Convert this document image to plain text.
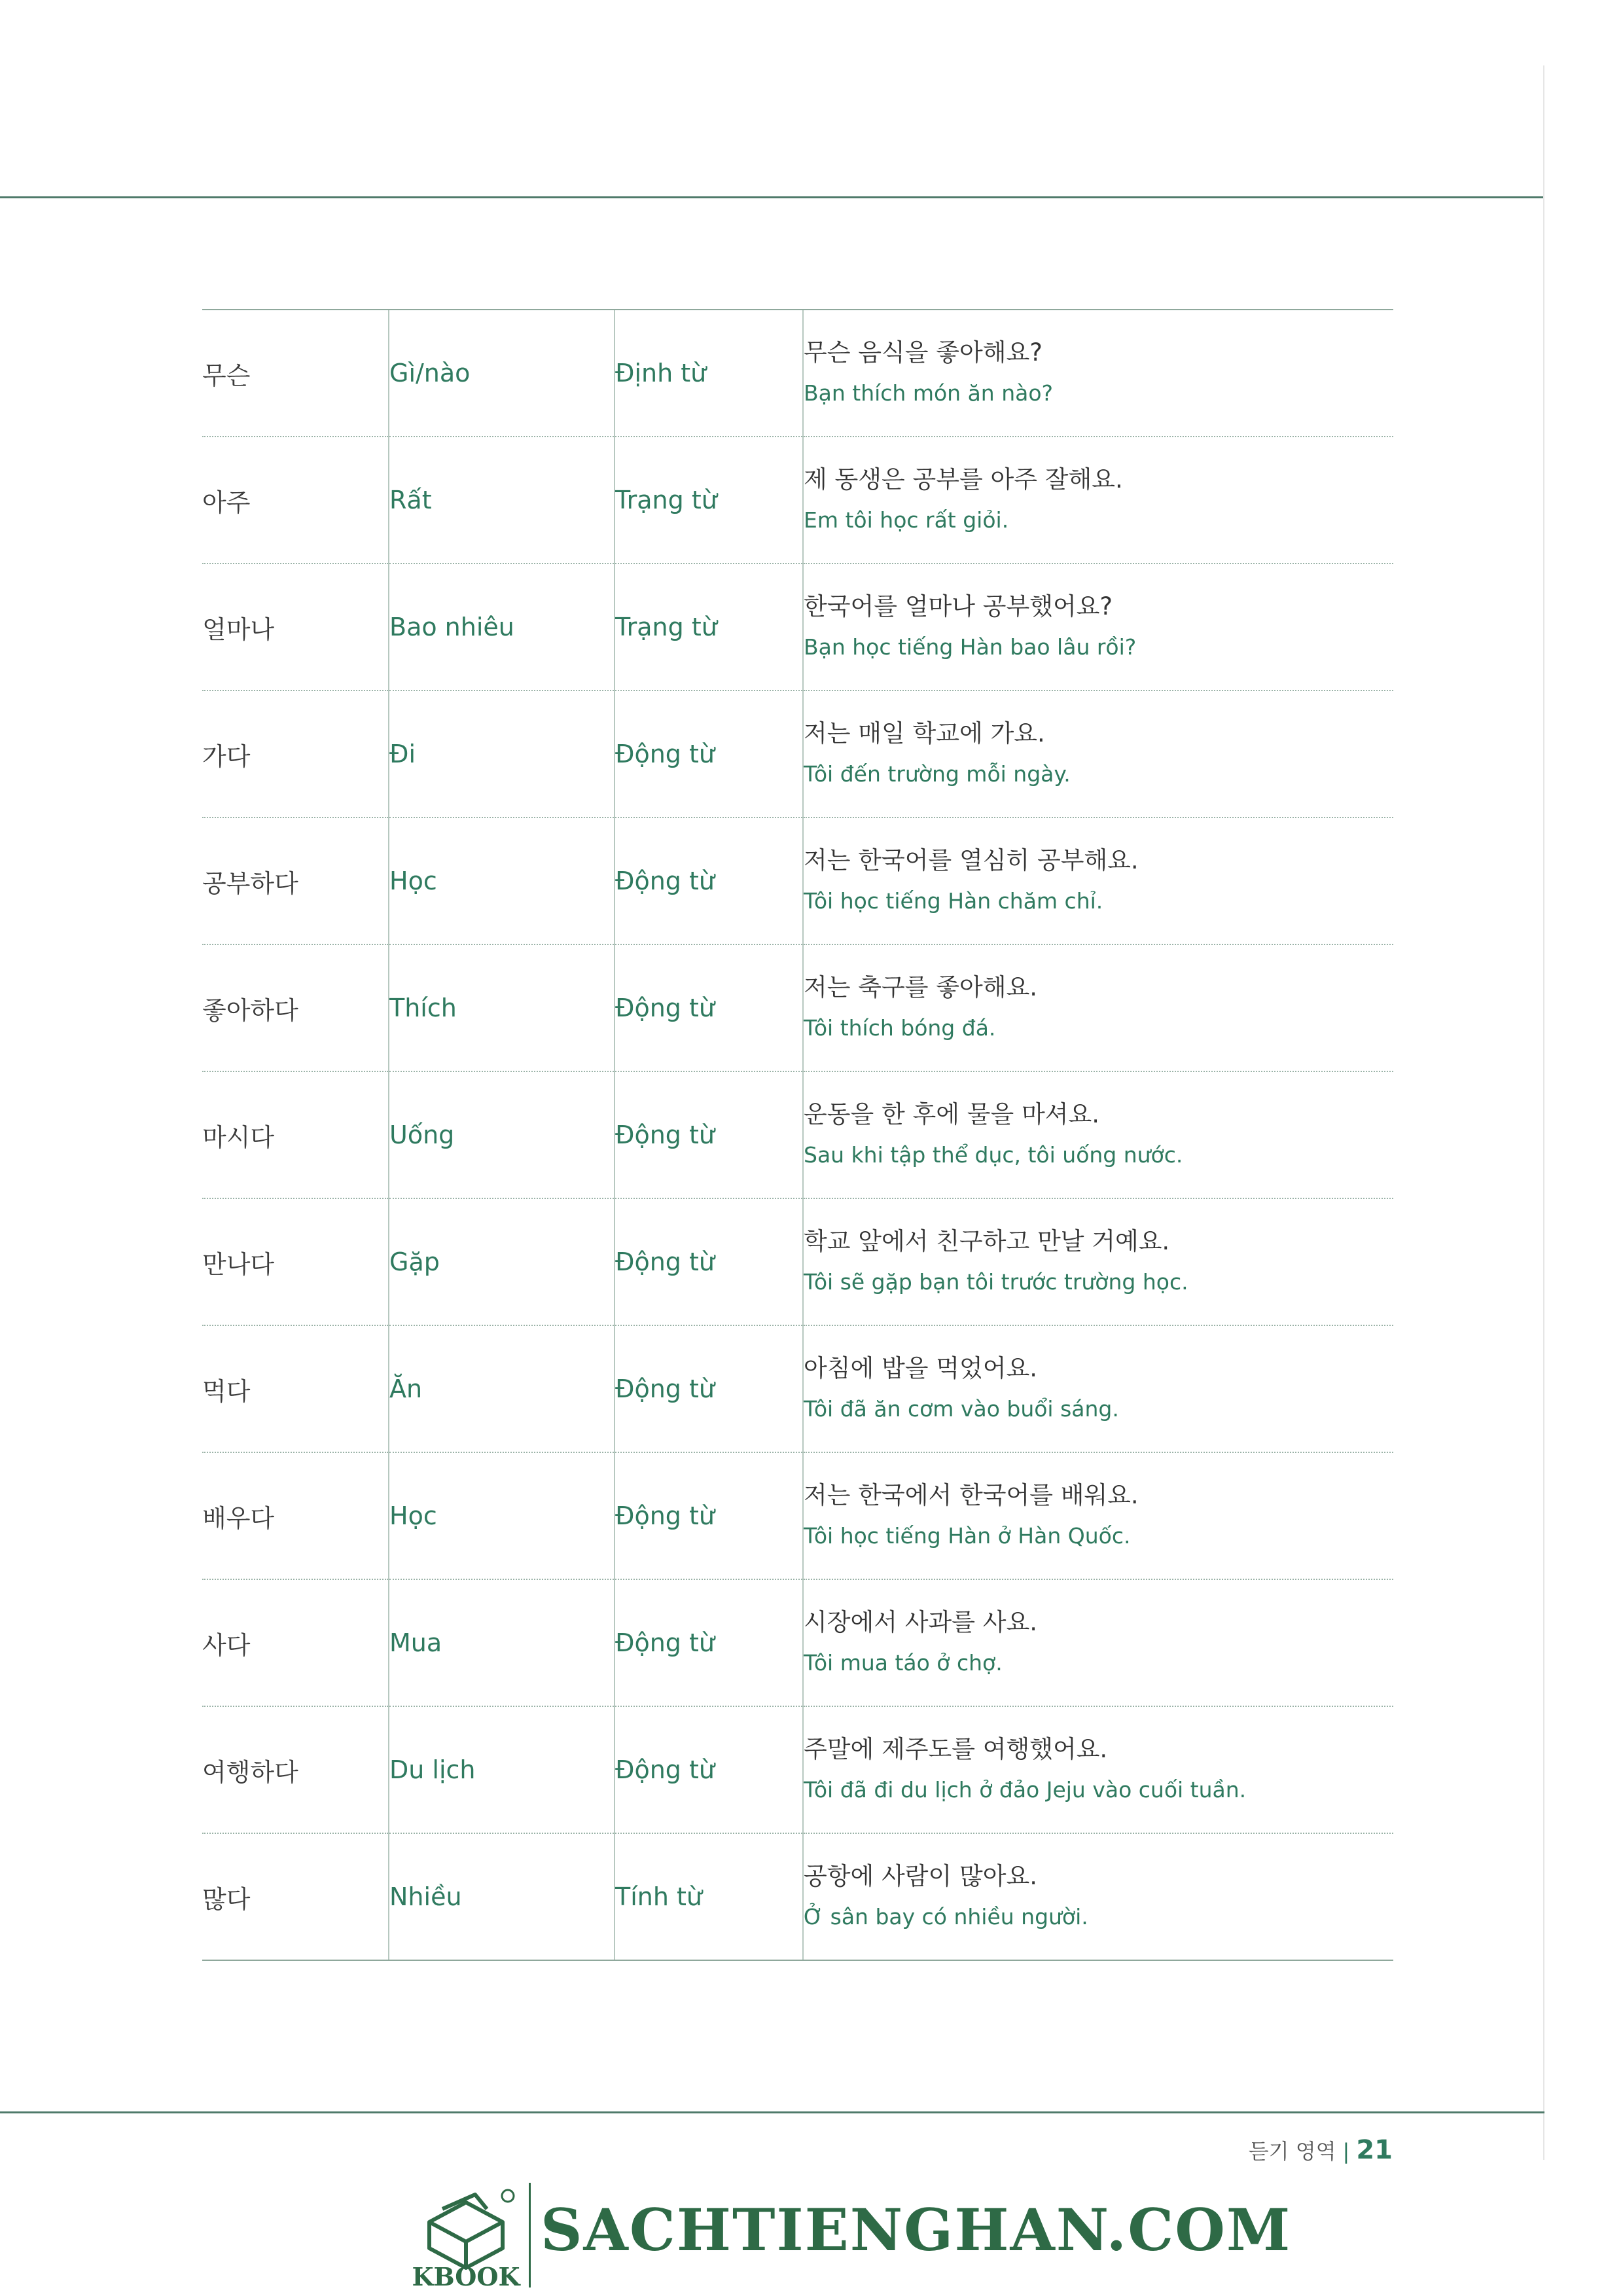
무슨	Gì/nào	Định từ	무슨 음식을 좋아해요?
Bạn thích món ăn nào?

아주	Rất	Trạng từ	제 동생은 공부를 아주 잘해요.
Em tôi học rất giỏi.

얼마나	Bao nhiêu	Trạng từ	한국어를 얼마나 공부했어요?
Bạn học tiếng Hàn bao lâu rồi?

가다	Đi	Động từ	저는 매일 학교에 가요.
Tôi đến trường mỗi ngày.

공부하다	Học	Động từ	저는 한국어를 열심히 공부해요.
Tôi học tiếng Hàn chăm chỉ.

좋아하다	Thích	Động từ	저는 축구를 좋아해요.
Tôi thích bóng đá.

마시다	Uống	Động từ	운동을 한 후에 물을 마셔요.
Sau khi tập thể dục, tôi uống nước.

만나다	Gặp	Động từ	학교 앞에서 친구하고 만날 거예요.
Tôi sẽ gặp bạn tôi trước trường học.

먹다	Ăn	Động từ	아침에 밥을 먹었어요.
Tôi đã ăn cơm vào buổi sáng.

배우다	Học	Động từ	저는 한국에서 한국어를 배워요.
Tôi học tiếng Hàn ở Hàn Quốc.

사다	Mua	Động từ	시장에서 사과를 사요.
Tôi mua táo ở chợ.

여행하다	Du lịch	Động từ	주말에 제주도를 여행했어요.
Tôi đã đi du lịch ở đảo Jeju vào cuối tuần.

많다	Nhiều	Tính từ	공항에 사람이 많아요.
Ở sân bay có nhiều người.
듣기 영역 | 21
KBOOK
SACHTIENGHAN.COM
